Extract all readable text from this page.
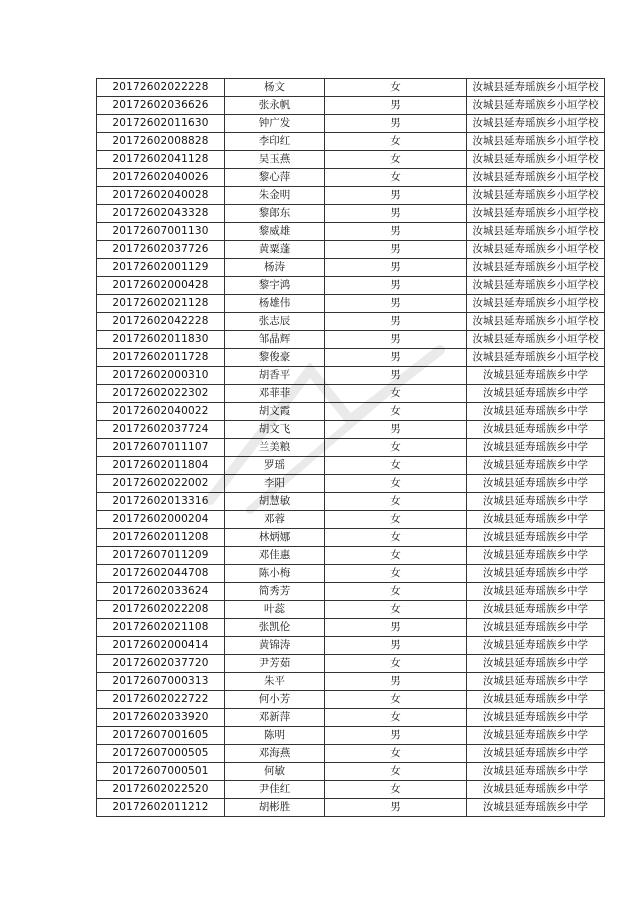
20172602022228	杨文	女	汝城县延寿瑶族乡小垣学校
20172602036626	张永帆	男	汝城县延寿瑶族乡小垣学校
20172602011630	钟广发	男	汝城县延寿瑶族乡小垣学校
20172602008828	李印红	女	汝城县延寿瑶族乡小垣学校
20172602041128	吴玉燕	女	汝城县延寿瑶族乡小垣学校
20172602040026	黎心萍	女	汝城县延寿瑶族乡小垣学校
20172602040028	朱金明	男	汝城县延寿瑶族乡小垣学校
20172602043328	黎郎东	男	汝城县延寿瑶族乡小垣学校
20172607001130	黎威雄	男	汝城县延寿瑶族乡小垣学校
20172602037726	黄粟蓬	男	汝城县延寿瑶族乡小垣学校
20172602001129	杨涛	男	汝城县延寿瑶族乡小垣学校
20172602000428	黎宇鸿	男	汝城县延寿瑶族乡小垣学校
20172602021128	杨雄伟	男	汝城县延寿瑶族乡小垣学校
20172602042228	张志辰	男	汝城县延寿瑶族乡小垣学校
20172602011830	邹晶辉	男	汝城县延寿瑶族乡小垣学校
20172602011728	黎俊豪	男	汝城县延寿瑶族乡小垣学校
20172602000310	胡香平	男	汝城县延寿瑶族乡中学
20172602022302	邓菲菲	女	汝城县延寿瑶族乡中学
20172602040022	胡文霞	女	汝城县延寿瑶族乡中学
20172602037724	胡文飞	男	汝城县延寿瑶族乡中学
20172607011107	兰美粮	女	汝城县延寿瑶族乡中学
20172602011804	罗瑶	女	汝城县延寿瑶族乡中学
20172602022002	李阳	女	汝城县延寿瑶族乡中学
20172602013316	胡慧敏	女	汝城县延寿瑶族乡中学
20172602000204	邓蓉	女	汝城县延寿瑶族乡中学
20172602011208	林炳娜	女	汝城县延寿瑶族乡中学
20172607011209	邓佳惠	女	汝城县延寿瑶族乡中学
20172602044708	陈小梅	女	汝城县延寿瑶族乡中学
20172602033624	简秀芳	女	汝城县延寿瑶族乡中学
20172602022208	叶蕊	女	汝城县延寿瑶族乡中学
20172602021108	张凯伦	男	汝城县延寿瑶族乡中学
20172602000414	黄锦涛	男	汝城县延寿瑶族乡中学
20172602037720	尹芳茹	女	汝城县延寿瑶族乡中学
20172607000313	朱平	男	汝城县延寿瑶族乡中学
20172602022722	何小芳	女	汝城县延寿瑶族乡中学
20172602033920	邓新萍	女	汝城县延寿瑶族乡中学
20172607001605	陈明	男	汝城县延寿瑶族乡中学
20172607000505	邓海燕	女	汝城县延寿瑶族乡中学
20172607000501	何敏	女	汝城县延寿瑶族乡中学
20172602022520	尹佳红	女	汝城县延寿瑶族乡中学
20172602011212	胡彬胜	男	汝城县延寿瑶族乡中学
